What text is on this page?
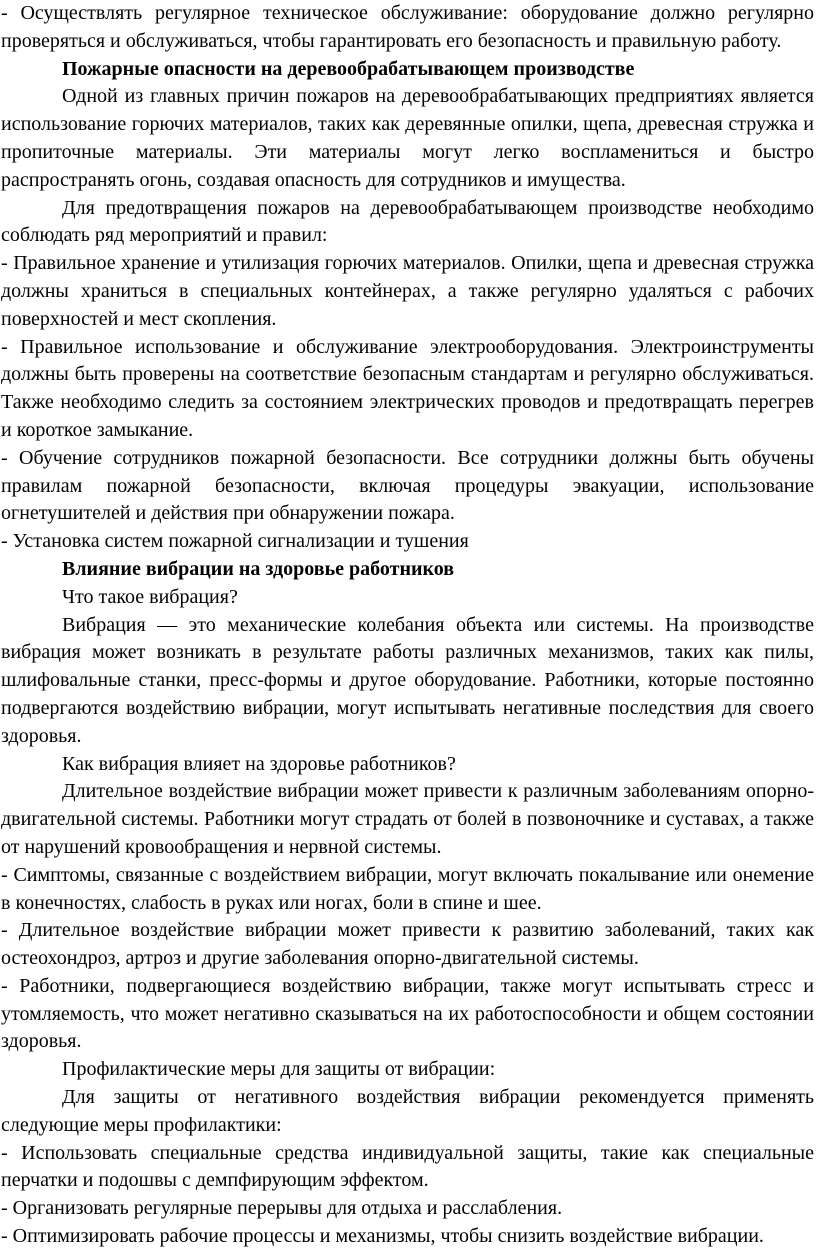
- Осуществлять регулярное техническое обслуживание: оборудование должно регулярно проверяться и обслуживаться, чтобы гарантировать его безопасность и правильную работу.

Пожарные опасности на деревообрабатывающем производстве

Одной из главных причин пожаров на деревообрабатывающих предприятиях является использование горючих материалов, таких как деревянные опилки, щепа, древесная стружка и пропиточные материалы. Эти материалы могут легко воспламениться и быстро распространять огонь, создавая опасность для сотрудников и имущества.

Для предотвращения пожаров на деревообрабатывающем производстве необходимо соблюдать ряд мероприятий и правил:

- Правильное хранение и утилизация горючих материалов. Опилки, щепа и древесная стружка должны храниться в специальных контейнерах, а также регулярно удаляться с рабочих поверхностей и мест скопления.

- Правильное использование и обслуживание электрооборудования. Электроинструменты должны быть проверены на соответствие безопасным стандартам и регулярно обслуживаться. Также необходимо следить за состоянием электрических проводов и предотвращать перегрев и короткое замыкание.

- Обучение сотрудников пожарной безопасности. Все сотрудники должны быть обучены правилам пожарной безопасности, включая процедуры эвакуации, использование огнетушителей и действия при обнаружении пожара.

- Установка систем пожарной сигнализации и тушения

Влияние вибрации на здоровье работников

Что такое вибрация?

Вибрация — это механические колебания объекта или системы. На производстве вибрация может возникать в результате работы различных механизмов, таких как пилы, шлифовальные станки, пресс-формы и другое оборудование. Работники, которые постоянно подвергаются воздействию вибрации, могут испытывать негативные последствия для своего здоровья.

Как вибрация влияет на здоровье работников?

Длительное воздействие вибрации может привести к различным заболеваниям опорно-двигательной системы. Работники могут страдать от болей в позвоночнике и суставах, а также от нарушений кровообращения и нервной системы.

- Симптомы, связанные с воздействием вибрации, могут включать покалывание или онемение в конечностях, слабость в руках или ногах, боли в спине и шее.

- Длительное воздействие вибрации может привести к развитию заболеваний, таких как остеохондроз, артроз и другие заболевания опорно-двигательной системы.

- Работники, подвергающиеся воздействию вибрации, также могут испытывать стресс и утомляемость, что может негативно сказываться на их работоспособности и общем состоянии здоровья.

Профилактические меры для защиты от вибрации:

Для защиты от негативного воздействия вибрации рекомендуется применять следующие меры профилактики:

- Использовать специальные средства индивидуальной защиты, такие как специальные перчатки и подошвы с демпфирующим эффектом.

- Организовать регулярные перерывы для отдыха и расслабления.

- Оптимизировать рабочие процессы и механизмы, чтобы снизить воздействие вибрации.
